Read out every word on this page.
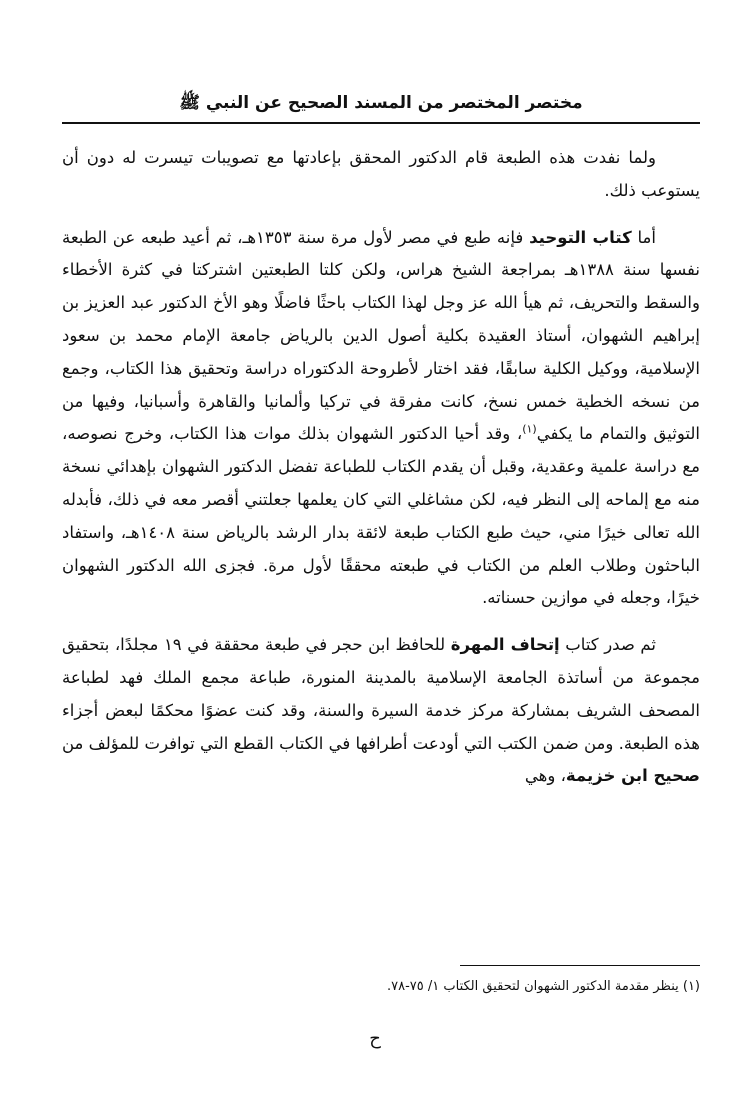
مختصر المختصر من المسند الصحيح عن النبي ﷺ

ولما نفدت هذه الطبعة قام الدكتور المحقق بإعادتها مع تصويبات تيسرت له دون أن يستوعب ذلك.

أما كتاب التوحيد فإنه طبع في مصر لأول مرة سنة ١٣٥٣هـ، ثم أعيد طبعه عن الطبعة نفسها سنة ١٣٨٨هـ بمراجعة الشيخ هراس، ولكن كلتا الطبعتين اشتركتا في كثرة الأخطاء والسقط والتحريف، ثم هيأ الله عز وجل لهذا الكتاب باحثًا فاضلًا وهو الأخ الدكتور عبد العزيز بن إبراهيم الشهوان، أستاذ العقيدة بكلية أصول الدين بالرياض جامعة الإمام محمد بن سعود الإسلامية، ووكيل الكلية سابقًا، فقد اختار لأطروحة الدكتوراه دراسة وتحقيق هذا الكتاب، وجمع من نسخه الخطية خمس نسخ، كانت مفرقة في تركيا وألمانيا والقاهرة وأسبانيا، وفيها من التوثيق والتمام ما يكفي$^{(١)}$، وقد أحيا الدكتور الشهوان بذلك موات هذا الكتاب، وخرج نصوصه، مع دراسة علمية وعقدية، وقبل أن يقدم الكتاب للطباعة تفضل الدكتور الشهوان بإهدائي نسخة منه مع إلماحه إلى النظر فيه، لكن مشاغلي التي كان يعلمها جعلتني أقصر معه في ذلك، فأبدله الله تعالى خيرًا مني، حيث طبع الكتاب طبعة لائقة بدار الرشد بالرياض سنة ١٤٠٨هـ، واستفاد الباحثون وطلاب العلم من الكتاب في طبعته محققًا لأول مرة. فجزى الله الدكتور الشهوان خيرًا، وجعله في موازين حسناته.

ثم صدر كتاب إتحاف المهرة للحافظ ابن حجر في طبعة محققة في ١٩ مجلدًا، بتحقيق مجموعة من أساتذة الجامعة الإسلامية بالمدينة المنورة، طباعة مجمع الملك فهد لطباعة المصحف الشريف بمشاركة مركز خدمة السيرة والسنة، وقد كنت عضوًا محكمًا لبعض أجزاء هذه الطبعة. ومن ضمن الكتب التي أودعت أطرافها في الكتاب القطع التي توافرت للمؤلف من صحيح ابن خزيمة، وهي

(١) ينظر مقدمة الدكتور الشهوان لتحقيق الكتاب ١/ ٧٥-٧٨.
ح
